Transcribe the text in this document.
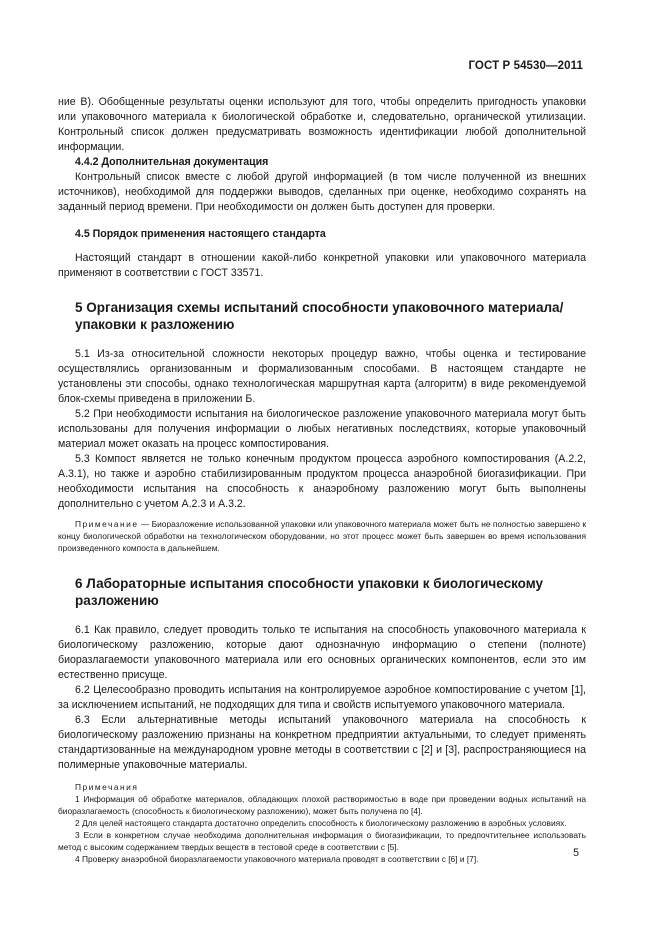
ГОСТ Р 54530—2011

ние В). Обобщенные результаты оценки используют для того, чтобы определить пригодность упаковки или упаковочного материала к биологической обработке и, следовательно, органической утилизации. Контрольный список должен предусматривать возможность идентификации любой дополнительной информации.

4.4.2 Дополнительная документация

Контрольный список вместе с любой другой информацией (в том числе полученной из внешних источников), необходимой для поддержки выводов, сделанных при оценке, необходимо сохранять на заданный период времени. При необходимости он должен быть доступен для проверки.

4.5 Порядок применения настоящего стандарта

Настоящий стандарт в отношении какой-либо конкретной упаковки или упаковочного материала применяют в соответствии с ГОСТ 33571.

5 Организация схемы испытаний способности упаковочного материала/

упаковки к разложению

5.1 Из-за относительной сложности некоторых процедур важно, чтобы оценка и тестирование осуществлялись организованным и формализованным способами. В настоящем стандарте не установлены эти способы, однако технологическая маршрутная карта (алгоритм) в виде рекомендуемой блок-схемы приведена в приложении Б.

5.2 При необходимости испытания на биологическое разложение упаковочного материала могут быть использованы для получения информации о любых негативных последствиях, которые упаковочный материал может оказать на процесс компостирования.

5.3 Компост является не только конечным продуктом процесса аэробного компостирования (А.2.2, А.3.1), но также и аэробно стабилизированным продуктом процесса анаэробной биогазификации. При необходимости испытания на способность к анаэробному разложению могут быть выполнены дополнительно с учетом А.2.3 и А.3.2.

Примечание — Биоразложение использованной упаковки или упаковочного материала может быть не полностью завершено к концу биологической обработки на технологическом оборудовании, но этот процесс может быть завершен во время использования произведенного компоста в дальнейшем.

6 Лабораторные испытания способности упаковки к биологическому

разложению

6.1 Как правило, следует проводить только те испытания на способность упаковочного материала к биологическому разложению, которые дают однозначную информацию о степени (полноте) биоразлагаемости упаковочного материала или его основных органических компонентов, если это им естественно присуще.

6.2 Целесообразно проводить испытания на контролируемое аэробное компостирование с учетом [1], за исключением испытаний, не подходящих для типа и свойств испытуемого упаковочного материала.

6.3 Если альтернативные методы испытаний упаковочного материала на способность к биологическому разложению признаны на конкретном предприятии актуальными, то следует применять стандартизованные на международном уровне методы в соответствии с [2] и [3], распространяющиеся на полимерные упаковочные материалы.

Примечания

1 Информация об обработке материалов, обладающих плохой растворимостью в воде при проведении водных испытаний на биоразлагаемость (способность к биологическому разложению), может быть получена по [4].

2 Для целей настоящего стандарта достаточно определить способность к биологическому разложению в аэробных условиях.

3 Если в конкретном случае необходима дополнительная информация о биогазификации, то предпочтительнее использовать метод с высоким содержанием твердых веществ в тестовой среде в соответствии с [5].

4 Проверку анаэробной биоразлагаемости упаковочного материала проводят в соответствии с [6] и [7].	5
